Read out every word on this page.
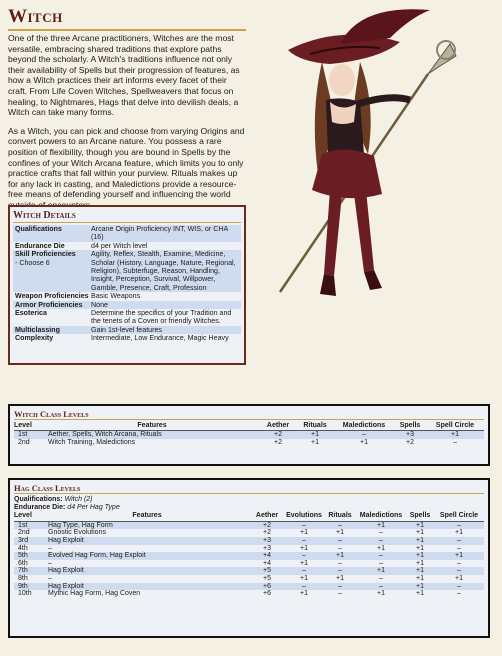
Witch

One of the three Arcane practitioners, Witches are the most versatile, embracing shared traditions that explore paths beyond the scholarly. A Witch's traditions influence not only their availability of Spells but their progression of features, as how a Witch practices their art informs every facet of their craft. From Life Coven Witches, Spellweavers that focus on healing, to Nightmares, Hags that delve into devilish deals, a Witch can take many forms.

As a Witch, you can pick and choose from varying Origins and convert powers to an Arcane nature. You possess a rare position of flexibility, though you are bound in Spells by the confines of your Witch Arcana feature, which limits you to only practice crafts that fall within your purview. Rituals makes up for any lack in casting, and Maledictions provide a resource-free means of defending yourself and influencing the world

Witch Details
Qualifications	Arcane Origin Proficiency INT, WIS, or CHA (16)
Endurance Die	d4 per Witch level
Skill Proficiencies
- Choose 6
Agility, Reflex, Stealth, Examine, Medicine, Scholar (History, Language, Nature, Regional, Religion), Subterfuge, Reason, Handling, Insight, Perception, Survival, Willpower, Gamble, Presence, Craft, Profession
Weapon Proficiencies Basic Weapons
Armor Proficiencies	None
Esoterica	Determine the specifics of your Tradition and the tenets of a Coven or friendly Witches.
Multiclassing	Gain 1st-level features
Complexity	Intermediate, Low Endurance, Magic Heavy
Witch Class Levels
Level	Features	Aether	Rituals	Maledictions	Spells	Spell Circle
1st	Aether, Spells, Witch Arcana, Rituals	+2	+1	–	+3	+1
2nd	Witch Training, Maledictions	+2	+1	+1	+2	–
Hag Class Levels
Qualifications: Witch (2)
Endurance Die: d4 Per Hag Type
Level	Features	Aether	Evolutions	Rituals	Maledictions	Spells	Spell Circle
1st	Hag Type, Hag Form	+2	–	–	+1	+1	–
2nd	Gnostic Evolutions	+2	+1	+1	–	+1	+1
3rd	Hag Exploit	+3	–	–	–	+1	–
4th	–	+3	+1	–	+1	+1	–
5th	Evolved Hag Form, Hag Exploit	+4	–	+1	–	+1	+1
6th	–	+4	+1	–	–	+1	–
7th	Hag Exploit	+5	–	–	+1	+1	–
8th	–	+5	+1	+1	–	+1	+1
9th	Hag Exploit	+6	–	–	–	+1	–
10th	Mythic Hag Form, Hag Coven	+6	+1	–	+1	+1	–
